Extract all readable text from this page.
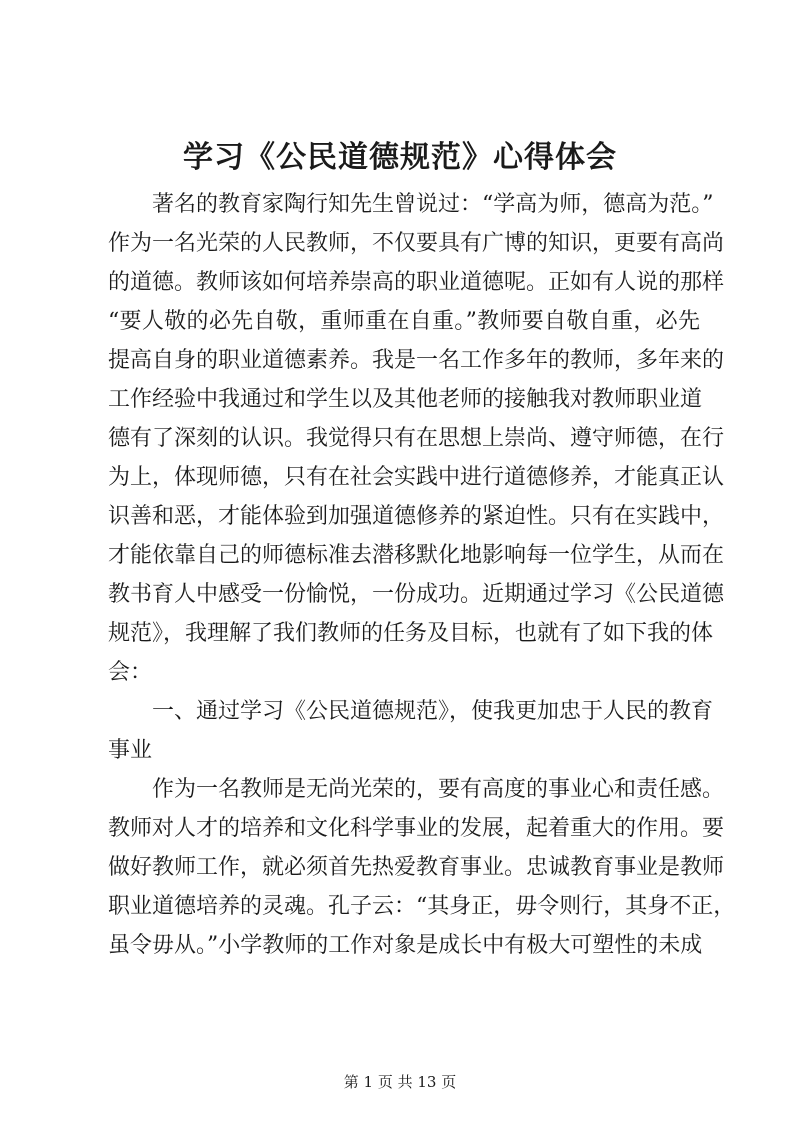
学习《公民道德规范》心得体会
著名的教育家陶行知先生曾说过：“学高为师，德高为范。”
作为一名光荣的人民教师，不仅要具有广博的知识，更要有高尚
的道德。教师该如何培养崇高的职业道德呢。正如有人说的那样
“要人敬的必先自敬，重师重在自重。”教师要自敬自重，必先
提高自身的职业道德素养。我是一名工作多年的教师，多年来的
工作经验中我通过和学生以及其他老师的接触我对教师职业道
德有了深刻的认识。我觉得只有在思想上崇尚、遵守师德，在行
为上，体现师德，只有在社会实践中进行道德修养，才能真正认
识善和恶，才能体验到加强道德修养的紧迫性。只有在实践中，
才能依靠自己的师德标准去潜移默化地影响每一位学生，从而在
教书育人中感受一份愉悦，一份成功。近期通过学习《公民道德
规范》，我理解了我们教师的任务及目标，也就有了如下我的体
会：
一、通过学习《公民道德规范》，使我更加忠于人民的教育
事业
作为一名教师是无尚光荣的，要有高度的事业心和责任感。
教师对人才的培养和文化科学事业的发展，起着重大的作用。要
做好教师工作，就必须首先热爱教育事业。忠诚教育事业是教师
职业道德培养的灵魂。孔子云：“其身正，毋令则行，其身不正，
虽令毋从。”小学教师的工作对象是成长中有极大可塑性的未成
第 1 页 共 13 页
